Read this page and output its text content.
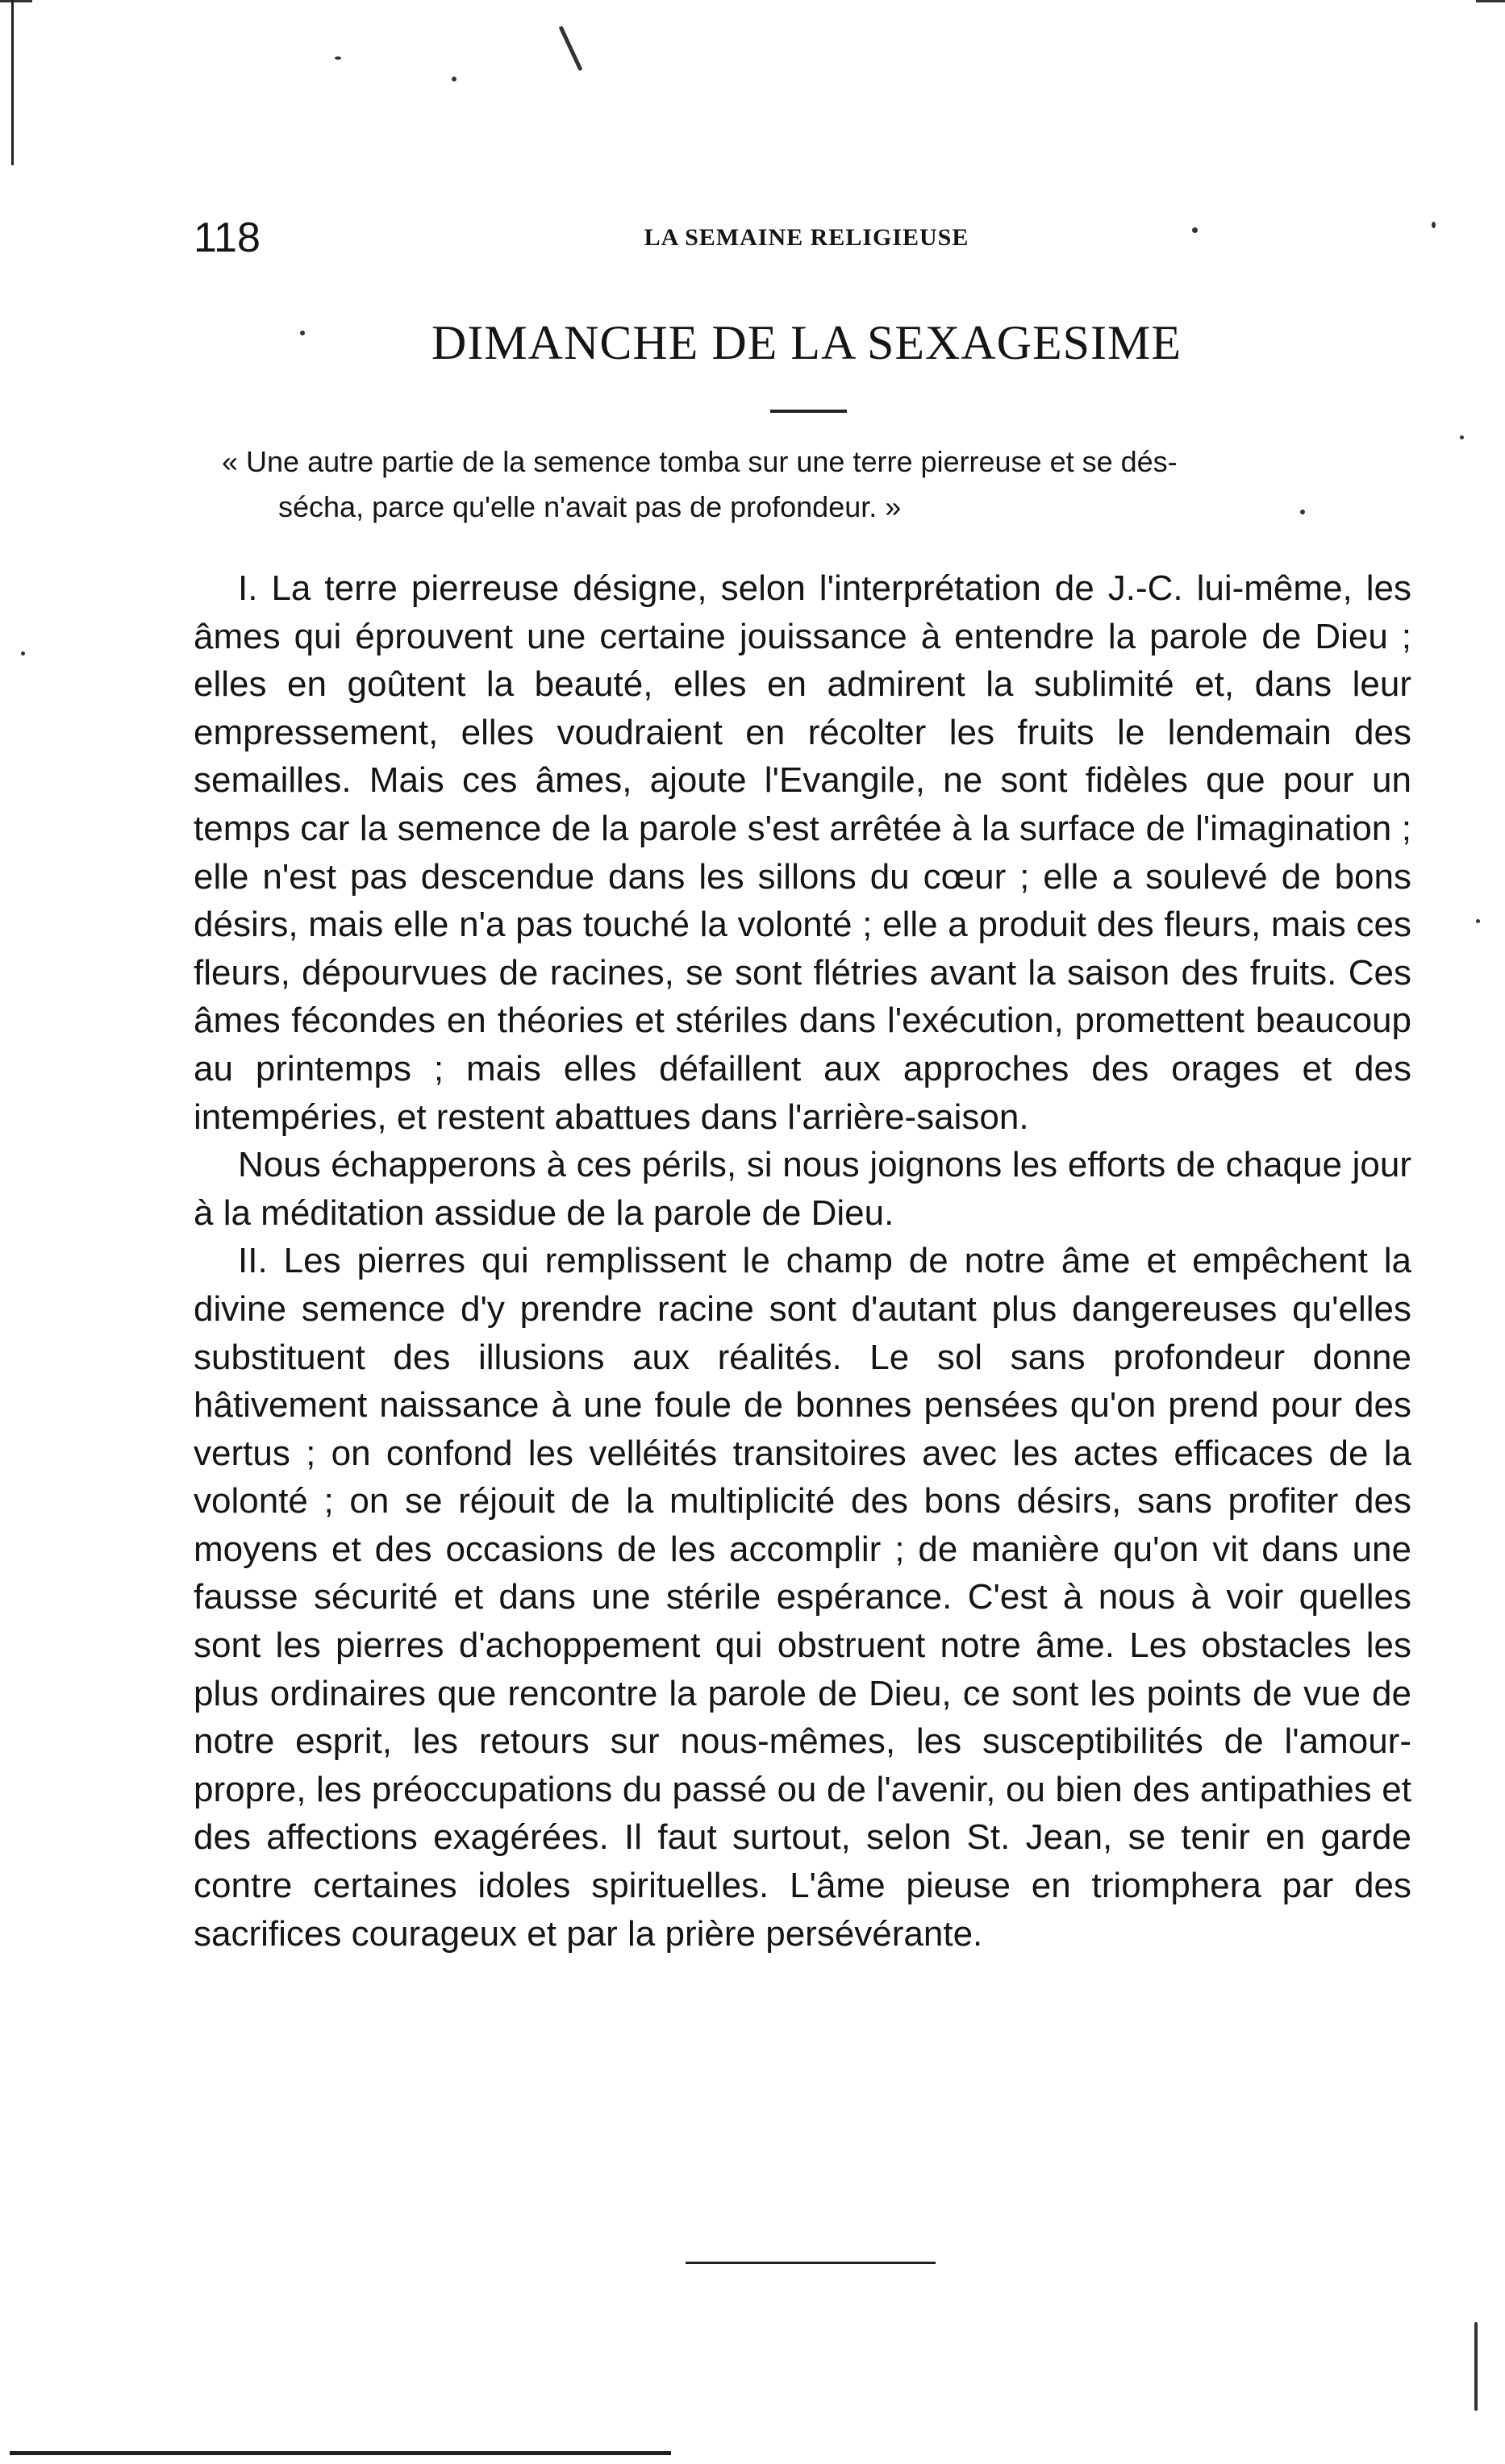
118	LA SEMAINE RELIGIEUSE
DIMANCHE DE LA SEXAGESIME
« Une autre partie de la semence tomba sur une terre pierreuse et se dés-
sécha, parce qu'elle n'avait pas de profondeur. »

I. La terre pierreuse désigne, selon l'interprétation de J.-C. lui-même, les âmes qui éprouvent une certaine jouissance à entendre la parole de Dieu ; elles en goûtent la beauté, elles en admirent la sublimité et, dans leur empressement, elles voudraient en récolter les fruits le lendemain des semailles. Mais ces âmes, ajoute l'Evangile, ne sont fidèles que pour un temps car la semence de la parole s'est arrêtée à la surface de l'imagination ; elle n'est pas descendue dans les sillons du cœur ; elle a soulevé de bons désirs, mais elle n'a pas touché la volonté ; elle a produit des fleurs, mais ces fleurs, dépourvues de racines, se sont flétries avant la saison des fruits. Ces âmes fécondes en théories et stériles dans l'exécution, promettent beaucoup au printemps ; mais elles défaillent aux approches des orages et des intempéries, et restent abattues dans l'arrière-saison.

Nous échapperons à ces périls, si nous joignons les efforts de chaque jour à la méditation assidue de la parole de Dieu.

II. Les pierres qui remplissent le champ de notre âme et empêchent la divine semence d'y prendre racine sont d'autant plus dangereuses qu'elles substituent des illusions aux réalités. Le sol sans profondeur donne hâtivement naissance à une foule de bonnes pensées qu'on prend pour des vertus ; on confond les velléités transitoires avec les actes efficaces de la volonté ; on se réjouit de la multiplicité des bons désirs, sans profiter des moyens et des occasions de les accomplir ; de manière qu'on vit dans une fausse sécurité et dans une stérile espérance. C'est à nous à voir quelles sont les pierres d'achoppement qui obstruent notre âme. Les obstacles les plus ordinaires que rencontre la parole de Dieu, ce sont les points de vue de notre esprit, les retours sur nous-mêmes, les susceptibilités de l'amour-propre, les préoccupations du passé ou de l'avenir, ou bien des antipathies et des affections exagérées. Il faut surtout, selon St. Jean, se tenir en garde contre certaines idoles spirituelles. L'âme pieuse en triomphera par des sacrifices courageux et par la prière persévérante.
